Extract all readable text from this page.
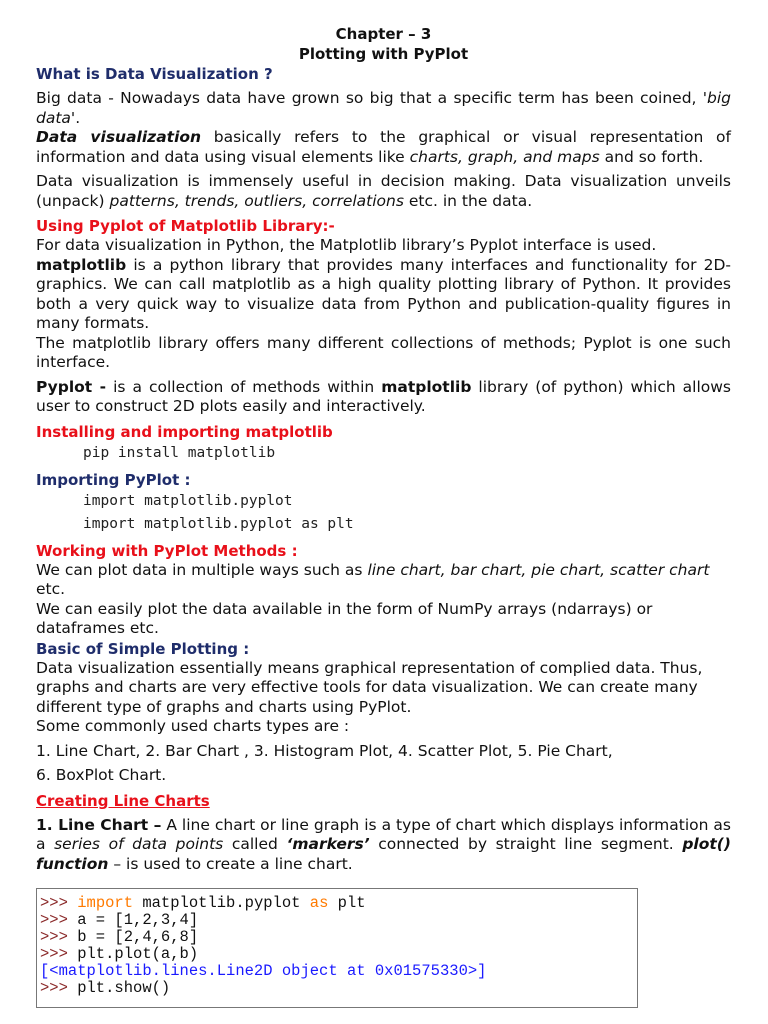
Chapter – 3
Plotting with PyPlot
What is Data Visualization ?

Big data - Nowadays data have grown so big that a specific term has been coined, 'big data'.

Data visualization basically refers to the graphical or visual representation of information and data using visual elements like charts, graph, and maps and so forth.

Data visualization is immensely useful in decision making. Data visualization unveils (unpack) patterns, trends, outliers, correlations etc. in the data.

Using Pyplot of Matplotlib Library:-

For data visualization in Python, the Matplotlib library’s Pyplot interface is used.

matplotlib is a python library that provides many interfaces and functionality for 2D-graphics. We can call matplotlib as a high quality plotting library of Python. It provides both a very quick way to visualize data from Python and publication-quality figures in many formats.

The matplotlib library offers many different collections of methods; Pyplot is one such interface.

Pyplot - is a collection of methods within matplotlib library (of python) which allows user to construct 2D plots easily and interactively.

Installing and importing matplotlib
pip install matplotlib
Importing PyPlot :
import matplotlib.pyplot
import matplotlib.pyplot as plt
Working with PyPlot Methods :

We can plot data in multiple ways such as line chart, bar chart, pie chart, scatter chart etc.

We can easily plot the data available in the form of NumPy arrays (ndarrays) or dataframes etc.

Basic of Simple Plotting :

Data visualization essentially means graphical representation of complied data. Thus, graphs and charts are very effective tools for data visualization. We can create many different type of graphs and charts using PyPlot.

Some commonly used charts types are :

1. Line Chart, 2. Bar Chart , 3. Histogram Plot, 4. Scatter Plot, 5. Pie Chart,

6. BoxPlot Chart.

Creating Line Charts

1. Line Chart – A line chart or line graph is a type of chart which displays information as a series of data points called ‘markers’ connected by straight line segment. plot() function – is used to create a line chart.

>>> import matplotlib.pyplot as plt
>>> a = [1,2,3,4]
>>> b = [2,4,6,8]
>>> plt.plot(a,b)
[<matplotlib.lines.Line2D object at 0x01575330>]
>>> plt.show()
